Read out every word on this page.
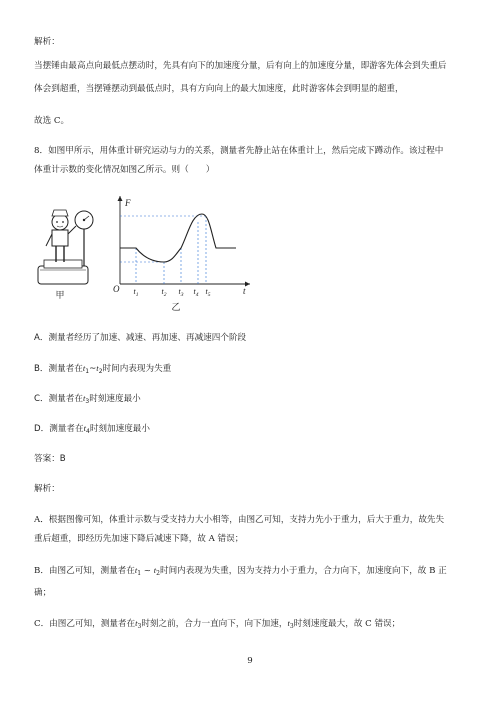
解析：
当摆锤由最高点向最低点摆动时，先具有向下的加速度分量，后有向上的加速度分量，即游客先体会到失重后
体会到超重，当摆锤摆动到最低点时，具有方向向上的最大加速度，此时游客体会到明显的超重，
故选 C。
8．如图甲所示，用体重计研究运动与力的关系，测量者先静止站在体重计上，然后完成下蹲动作。该过程中
体重计示数的变化情况如图乙所示。则（　　）
甲
F
t
O $t_1$	$t_2$ $t_3$ $t_4$ $t_5$
乙
A．测量者经历了加速、减速、再加速、再减速四个阶段
B．测量者在$t_1\sim t_2$时间内表现为失重
C．测量者在$t_3$时刻速度最小
D．测量者在$t_4$时刻加速度最小
答案：B
解析：
A．根据图像可知，体重计示数与受支持力大小相等，由图乙可知，支持力先小于重力，后大于重力，故先失
重后超重，即经历先加速下降后减速下降，故 A 错误；
B．由图乙可知，测量者在$t_1$ ~ $t_2$时间内表现为失重，因为支持力小于重力，合力向下，加速度向下，故 B 正
确；
C．由图乙可知，测量者在$t_3$时刻之前，合力一直向下，向下加速，$t_3$时刻速度最大，故 C 错误；
9
